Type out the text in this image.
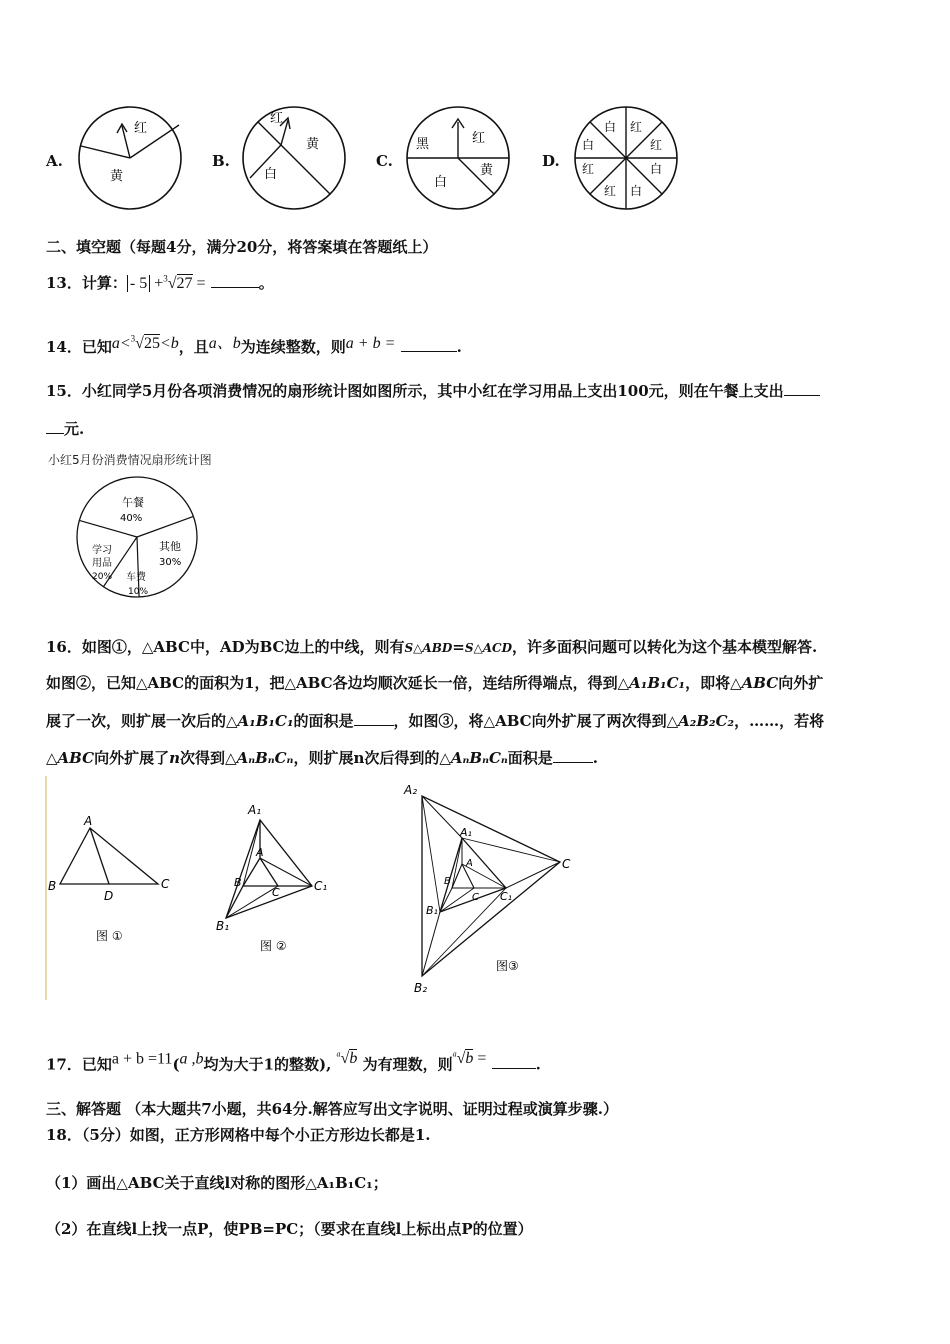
A.
红
黄
B.
红
黄
白
C.
黑	红
黄
白
D.
白 红
红
白
白
红
红
白
二、填空题（每题4分，满分20分，将答案填在答题纸上）
13．计算： - 5 +$^3$√27 =	。
14．已知a<$^3$√25<b，且a、b为连续整数，则a + b =	.
15．小红同学5月份各项消费情况的扇形统计图如图所示，其中小红在学习用品上支出100元，则在午餐上支出
元.
小红5月份消费情况扇形统计图
午餐
40%
其他
30%
车费
10%
学习
用品
20%
16．如图①，△ABC中，AD为BC边上的中线，则有S△ABD=S△ACD，许多面积问题可以转化为这个基本模型解答.
如图②，已知△ABC的面积为1，把△ABC各边均顺次延长一倍，连结所得端点，得到△A₁B₁C₁，即将△ABC向外扩
展了一次，则扩展一次后的△A₁B₁C₁的面积是	，如图③，将△ABC向外扩展了两次得到△A₂B₂C₂，……，若将
△ABC向外扩展了n次得到△AₙBₙCₙ，则扩展n次后得到的△AₙBₙCₙ面积是	.
A
B	C
D
图 ①
A₁
A
B
C	C₁
B₁
图 ②
A₂
A₁
A
B
C C₁
B₁
C
B₂
图③
17．已知a + b =11(a ,b均为大于1的整数), $^a$√b 为有理数，则$^a$√b =	.
三、解答题 （本大题共7小题，共64分.解答应写出文字说明、证明过程或演算步骤.）
18．（5分）如图，正方形网格中每个小正方形边长都是1.
（1）画出△ABC关于直线l对称的图形△A₁B₁C₁；
（2）在直线l上找一点P，使PB=PC；（要求在直线l上标出点P的位置）
